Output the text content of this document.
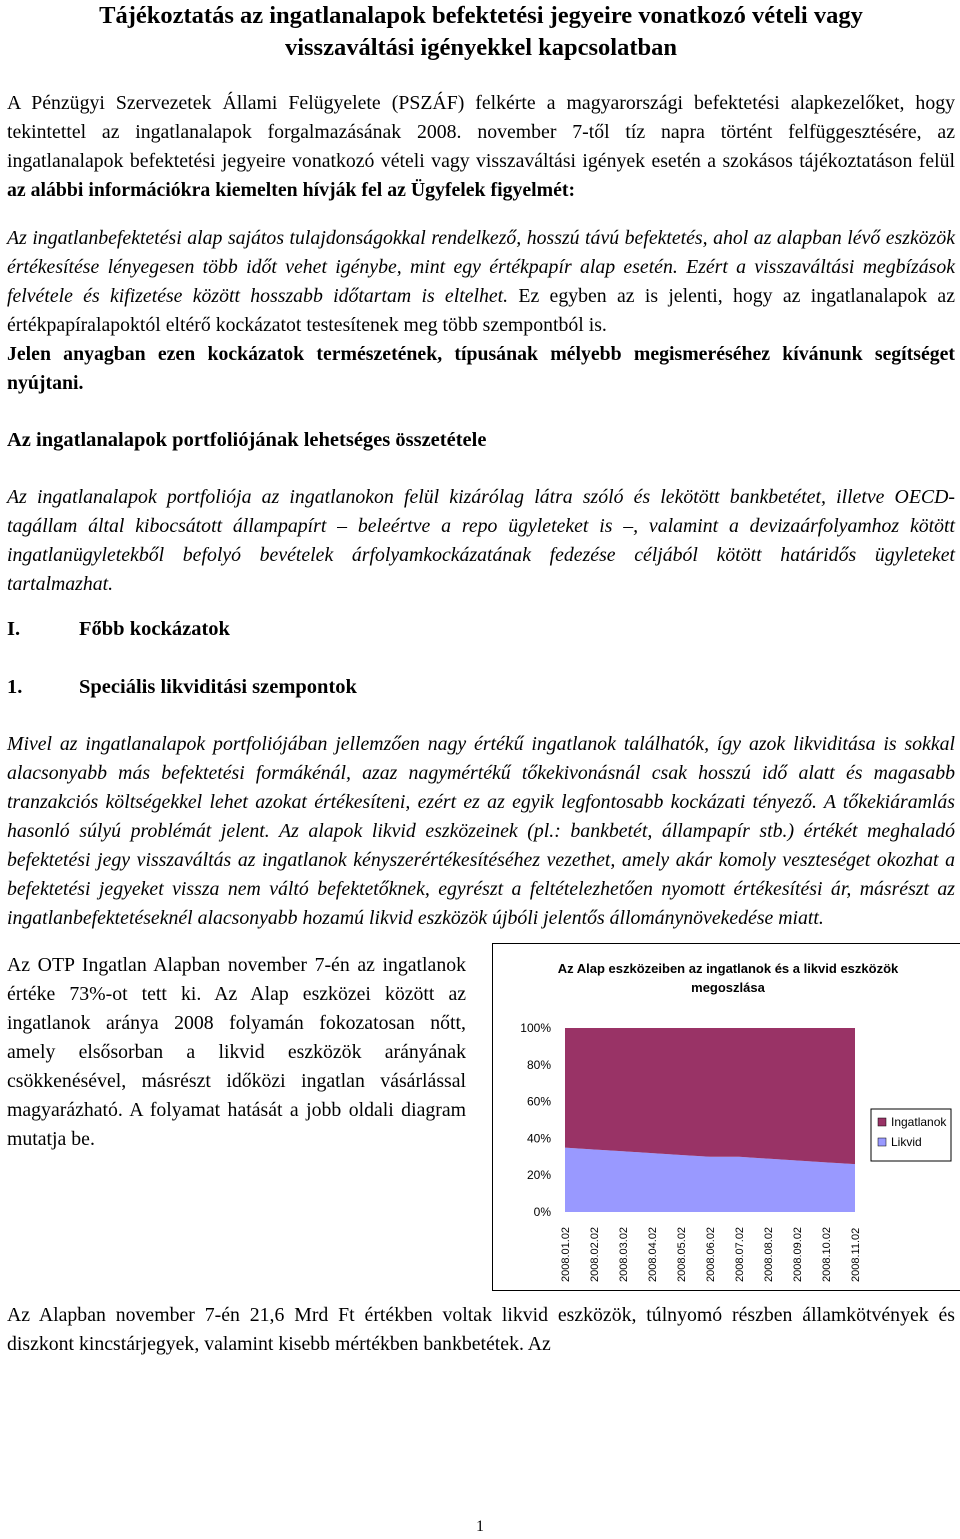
Tájékoztatás az ingatlanalapok befektetési jegyeire vonatkozó vételi vagy
visszaváltási igényekkel kapcsolatban

A Pénzügyi Szervezetek Állami Felügyelete (PSZÁF) felkérte a magyarországi befektetési alapkezelőket, hogy tekintettel az ingatlanalapok forgalmazásának 2008. november 7-től tíz napra történt felfüggesztésére, az ingatlanalapok befektetési jegyeire vonatkozó vételi vagy visszaváltási igények esetén a szokásos tájékoztatáson felül az alábbi információkra kiemelten hívják fel az Ügyfelek figyelmét:

Az ingatlanbefektetési alap sajátos tulajdonságokkal rendelkező, hosszú távú befektetés, ahol az alapban lévő eszközök értékesítése lényegesen több időt vehet igénybe, mint egy értékpapír alap esetén. Ezért a visszaváltási megbízások felvétele és kifizetése között hosszabb időtartam is eltelhet. Ez egyben az is jelenti, hogy az ingatlanalapok az értékpapíralapoktól eltérő kockázatot testesítenek meg több szempontból is.
Jelen anyagban ezen kockázatok természetének, típusának mélyebb megismeréséhez kívánunk segítséget nyújtani.

Az ingatlanalapok portfoliójának lehetséges összetétele

Az ingatlanalapok portfoliója az ingatlanokon felül kizárólag látra szóló és lekötött bankbetétet, illetve OECD-tagállam által kibocsátott állampapírt – beleértve a repo ügyleteket is –, valamint a devizaárfolyamhoz kötött ingatlanügyletekből befolyó bevételek árfolyamkockázatának fedezése céljából kötött határidős ügyleteket tartalmazhat.

I.	Főbb kockázatok

1.	Speciális likviditási szempontok

Mivel az ingatlanalapok portfoliójában jellemzően nagy értékű ingatlanok találhatók, így azok likviditása is sokkal alacsonyabb más befektetési formákénál, azaz nagymértékű tőkekivonásnál csak hosszú idő alatt és magasabb tranzakciós költségekkel lehet azokat értékesíteni, ezért ez az egyik legfontosabb kockázati tényező. A tőkekiáramlás hasonló súlyú problémát jelent. Az alapok likvid eszközeinek (pl.: bankbetét, állampapír stb.) értékét meghaladó befektetési jegy visszaváltás az ingatlanok kényszerértékesítéséhez vezethet, amely akár komoly veszteséget okozhat a befektetési jegyeket vissza nem váltó befektetőknek, egyrészt a feltételezhetően nyomott értékesítési ár, másrészt az ingatlanbefektetéseknél alacsonyabb hozamú likvid eszközök újbóli jelentős állománynövekedése miatt.

Az OTP Ingatlan Alapban november 7-én az ingatlanok értéke 73%-ot tett ki. Az Alap eszközei között az ingatlanok aránya 2008 folyamán fokozatosan nőtt, amely elsősorban a likvid eszközök arányának csökkenésével, másrészt időközi ingatlan vásárlással magyarázható. A folyamat hatását a jobb oldali diagram mutatja be.

Az Alap eszközeiben az ingatlanok és a likvid eszközök megoszlása
0%
20%
40%
60%
80%
100%
2008.01.02 2008.02.02 2008.03.02 2008.04.02 2008.05.02 2008.06.02 2008.07.02 2008.08.02 2008.09.02 2008.10.02 2008.11.02
Ingatlanok
Likvid

Az Alapban november 7-én 21,6 Mrd Ft értékben voltak likvid eszközök, túlnyomó részben államkötvények és diszkont kincstárjegyek, valamint kisebb mértékben bankbetétek. Az

1
